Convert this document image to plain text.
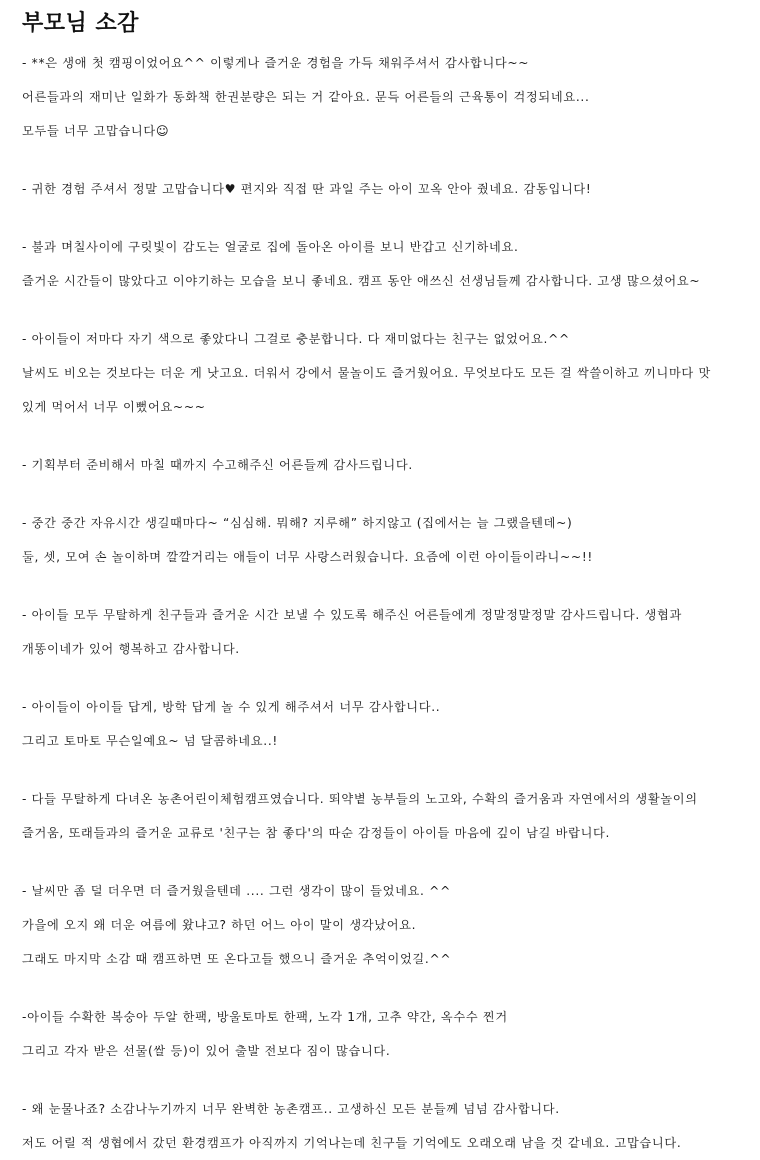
부모님 소감
- **은 생애 첫 캠핑이었어요^^ 이렇게나 즐거운 경험을 가득 채워주셔서 감사합니다~~
어른들과의 재미난 일화가 동화책 한권분량은 되는 거 같아요. 문득 어른들의 근육통이 걱정되네요...
모두들 너무 고맙습니다☺
- 귀한 경험 주셔서 정말 고맙습니다♥ 편지와 직접 딴 과일 주는 아이 꼬옥 안아 줬네요. 감동입니다!
- 불과 며칠사이에 구릿빛이 감도는 얼굴로 집에 돌아온 아이를 보니 반갑고 신기하네요.
즐거운 시간들이 많았다고 이야기하는 모습을 보니 좋네요. 캠프 동안 애쓰신 선생님들께 감사합니다. 고생 많으셨어요~
- 아이들이 저마다 자기 색으로 좋았다니 그걸로 충분합니다. 다 재미없다는 친구는 없었어요.^^
날씨도 비오는 것보다는 더운 게 낫고요. 더워서 강에서 물놀이도 즐거웠어요. 무엇보다도 모든 걸 싹쓸이하고 끼니마다 맛
있게 먹어서 너무 이뻤어요~~~
- 기획부터 준비해서 마칠 때까지 수고해주신 어른들께 감사드립니다.
- 중간 중간 자유시간 생길때마다~ “심심해. 뭐해? 지루해” 하지않고 (집에서는 늘 그랬을텐데~)
둘, 셋, 모여 손 놀이하며 깔깔거리는 애들이 너무 사랑스러웠습니다. 요즘에 이런 아이들이라니~~!!
- 아이들 모두 무탈하게 친구들과 즐거운 시간 보낼 수 있도록 해주신 어른들에게 정말정말정말 감사드립니다. 생협과
개똥이네가 있어 행복하고 감사합니다.
- 아이들이 아이들 답게, 방학 답게 놀 수 있게 해주셔서 너무 감사합니다..
그리고 토마토 무슨일예요~ 넘 달콤하네요..!
- 다들 무탈하게 다녀온 농촌어린이체험캠프였습니다. 뙤약볕 농부들의 노고와, 수확의 즐거움과 자연에서의 생활놀이의
즐거움, 또래들과의 즐거운 교류로 '친구는 참 좋다'의 따순 감정들이 아이들 마음에 깊이 남길 바랍니다.
- 날씨만 좀 덜 더우면 더 즐거웠을텐데 .... 그런 생각이 많이 들었네요. ^^
가을에 오지 왜 더운 여름에 왔냐고? 하던 어느 아이 말이 생각났어요.
그래도 마지막 소감 때 캠프하면 또 온다고들 했으니 즐거운 추억이었길.^^
-아이들 수확한 복숭아 두알 한팩, 방울토마토 한팩, 노각 1개, 고추 약간, 옥수수 찐거
그리고 각자 받은 선물(쌀 등)이 있어 출발 전보다 짐이 많습니다.
- 왜 눈물나죠? 소감나누기까지 너무 완벽한 농촌캠프.. 고생하신 모든 분들께 넘넘 감사합니다.
저도 어릴 적 생협에서 갔던 환경캠프가 아직까지 기억나는데 친구들 기억에도 오래오래 남을 것 같네요. 고맙습니다.
